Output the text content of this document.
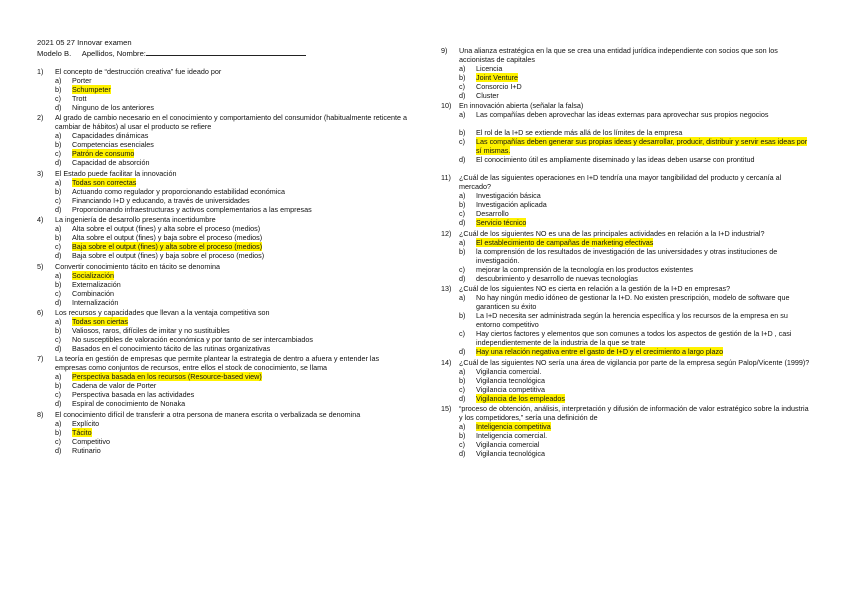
2021 05 27 Innovar examen
Modelo B. Apellidos, Nombre:
1)	El concepto de “destrucción creativa” fue ideado por
a)	Porter
b)	Schumpeter
c)	Trott
d)	Ninguno de los anteriores
2)	Al grado de cambio necesario en el conocimiento y comportamiento del consumidor (habitualmente reticente a cambiar de hábitos) al usar el producto se refiere
a)	Capacidades dinámicas
b)	Competencias esenciales
c)	Patrón de consumo
d)	Capacidad de absorción
3)	El Estado puede facilitar la innovación
a)	Todas son correctas
b)	Actuando como regulador y proporcionando estabilidad económica
c)	Financiando I+D y educando, a través de universidades
d)	Proporcionando infraestructuras y activos complementarios a las empresas
4)	La ingeniería de desarrollo presenta incertidumbre
a)	Alta sobre el output (fines) y alta sobre el proceso (medios)
b)	Alta sobre el output (fines) y baja sobre el proceso (medios)
c)	Baja sobre el output (fines) y alta sobre el proceso (medios)
d)	Baja sobre el output (fines) y baja sobre el proceso (medios)
5)	Convertir conocimiento tácito en tácito se denomina
a)	Socialización
b)	Externalización
c)	Combinación
d)	Internalización
6)	Los recursos y capacidades que llevan a la ventaja competitiva son
a)	Todas son ciertas
b)	Valiosos, raros, difíciles de imitar y no sustituibles
c)	No susceptibles de valoración económica y por tanto de ser intercambiados
d)	Basados en el conocimiento tácito de las rutinas organizativas
7)	La teoría en gestión de empresas que permite plantear la estrategia de dentro a afuera y entender las empresas como conjuntos de recursos, entre ellos el stock de conocimiento, se llama
a)	Perspectiva basada en los recursos (Resource-based view)
b)	Cadena de valor de Porter
c)	Perspectiva basada en las actividades
d)	Espiral de conocimiento de Nonaka
8)	El conocimiento difícil de transferir a otra persona de manera escrita o verbalizada se denomina
a)	Explícito
b)	Tácito
c)	Competitivo
d)	Rutinario
9)	Una alianza estratégica en la que se crea una entidad jurídica independiente con socios que son los accionistas de capitales
a)	Licencia
b)	Joint Venture
c)	Consorcio I+D
d)	Cluster
10)	En innovación abierta (señalar la falsa)
a)	Las compañías deben aprovechar las ideas externas para aprovechar sus propios negocios
b)	El rol de la I+D se extiende más allá de los límites de la empresa
c)	Las compañías deben generar sus propias ideas y desarrollar, producir, distribuir y servir esas ideas por sí mismas.
d)	El conocimiento útil es ampliamente diseminado y las ideas deben usarse con prontitud
11)	¿Cuál de las siguientes operaciones en I+D tendría una mayor tangibilidad del producto y cercanía al mercado?
a)	Investigación básica
b)	Investigación aplicada
c)	Desarrollo
d)	Servicio técnico
12)	¿Cuál de los siguientes NO es una de las principales actividades en relación a la I+D industrial?
a)	El establecimiento de campañas de marketing efectivas
b)	la comprensión de los resultados de investigación de las universidades y otras instituciones de investigación.
c)	mejorar la comprensión de la tecnología en los productos existentes
d)	descubrimiento y desarrollo de nuevas tecnologías
13)	¿Cuál de los siguientes NO es cierta en relación a la gestión de la I+D en empresas?
a)	No hay ningún medio idóneo de gestionar la I+D. No existen prescripción, modelo de software que garanticen su éxito
b)	La I+D necesita ser administrada según la herencia específica y los recursos de la empresa en su entorno competitivo
c)	Hay ciertos factores y elementos que son comunes a todos los aspectos de gestión de la I+D , casi independientemente de la industria de la que se trate
d)	Hay una relación negativa entre el gasto de I+D y el crecimiento a largo plazo
14)	¿Cuál de las siguientes NO sería una área de vigilancia por parte de la empresa según Palop/Vicente (1999)?
a)	Vigilancia comercial.
b)	Vigilancia tecnológica
c)	Vigilancia competitiva
d)	Vigilancia de los empleados
15)	“proceso de obtención, análisis, interpretación y difusión de información de valor estratégico sobre la industria y los competidores,” sería una definición de
a)	Inteligencia competitiva
b)	Inteligencia comercial.
c)	Vigilancia comercial
d)	Vigilancia tecnológica
